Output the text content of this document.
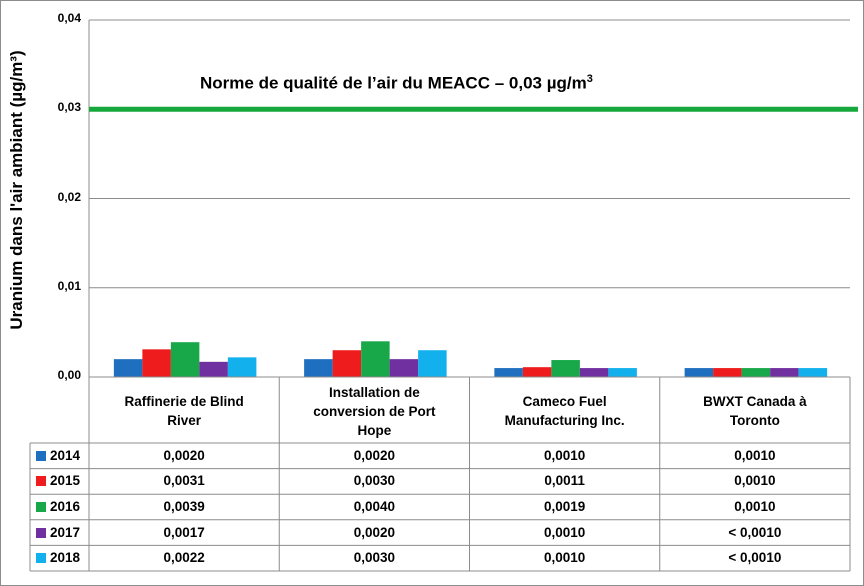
0,00
0,01
0,02
0,03
0,04
Norme de qualité de l’air du MEACC – 0,03 $\mu g/m^3$
Raffinerie de Blind
River
Installation de
conversion de Port
Hope
Cameco Fuel
Manufacturing Inc.
BWXT Canada à
Toronto
2014	0,0020	0,0020	0,0010	0,0010
2015	0,0031	0,0030	0,0011	0,0010
2016	0,0039	0,0040	0,0019	0,0010
2017	0,0017	0,0020	0,0010	< 0,0010
2018	0,0022	0,0030	0,0010	< 0,0010
Uranium dans l'air ambiant (µg/m³)
